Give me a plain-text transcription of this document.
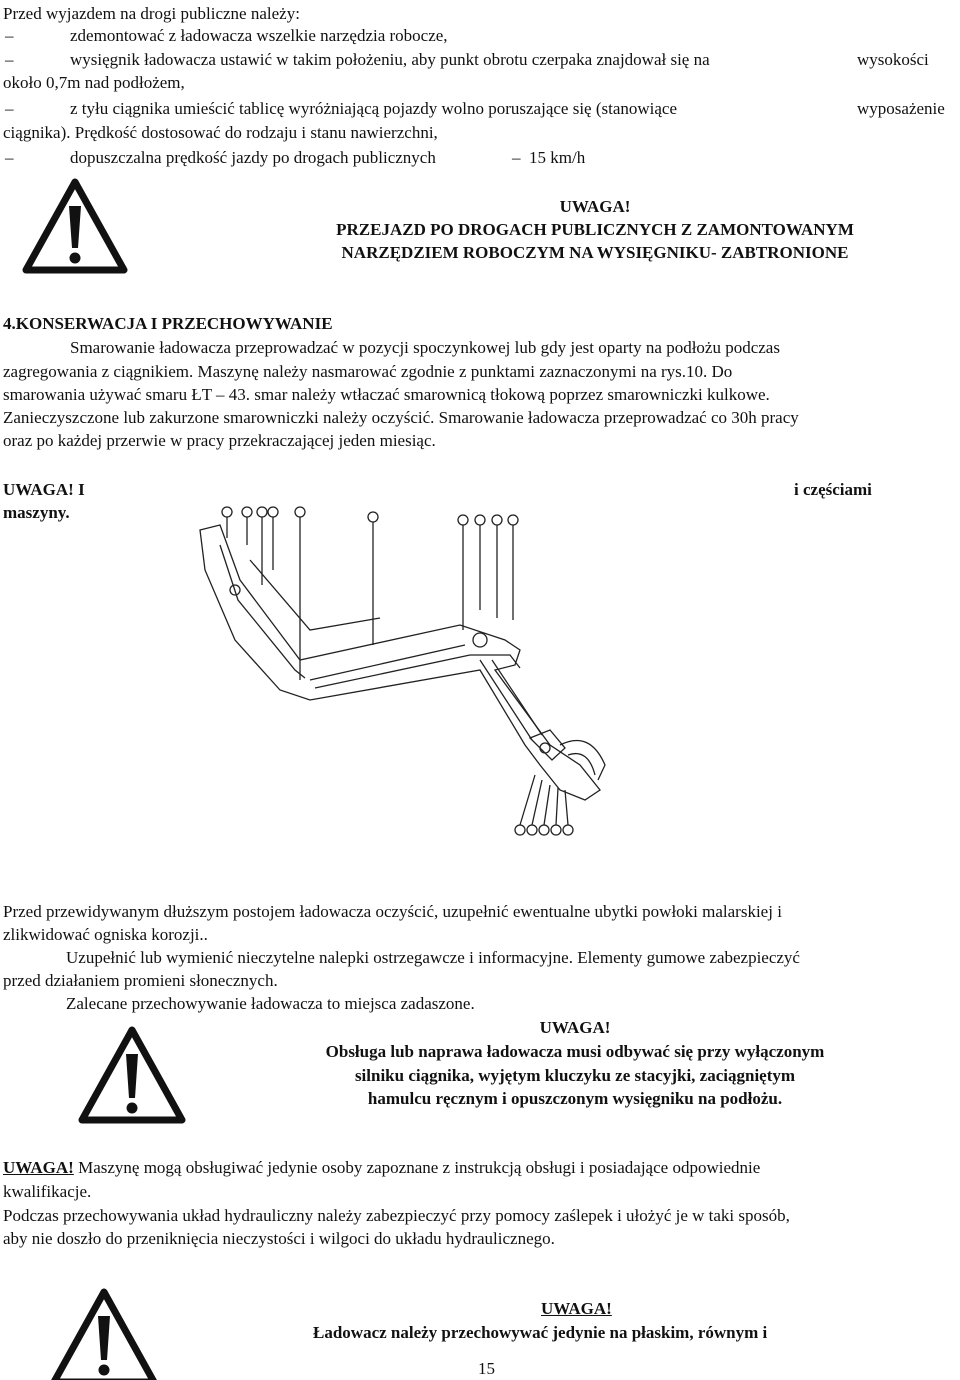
Przed wyjazdem na drogi publiczne należy:
–	zdemontować z ładowacza wszelkie narzędzia robocze,
–	wysięgnik ładowacza ustawić w takim położeniu, aby punkt obrotu czerpaka znajdował się na	wysokości
około 0,7m nad podłożem,
–	z tyłu ciągnika umieścić tablicę wyróżniającą pojazdy wolno poruszające się (stanowiące	wyposażenie
ciągnika). Prędkość dostosować do rodzaju i stanu nawierzchni,
–	dopuszczalna prędkość jazdy po drogach publicznych	– 15 km/h
UWAGA!
PRZEJAZD PO DROGACH PUBLICZNYCH Z ZAMONTOWANYM
NARZĘDZIEM ROBOCZYM NA WYSIĘGNIKU- ZABTRONIONE
4.KONSERWACJA I PRZECHOWYWANIE
Smarowanie ładowacza przeprowadzać w pozycji spoczynkowej lub gdy jest oparty na podłożu podczas
zagregowania z ciągnikiem. Maszynę należy nasmarować zgodnie z punktami zaznaczonymi na rys.10. Do
smarowania używać smaru ŁT – 43. smar należy wtłaczać smarownicą tłokową poprzez smarowniczki kulkowe.
Zanieczyszczone lub zakurzone smarowniczki należy oczyścić. Smarowanie ładowacza przeprowadzać co 30h pracy
oraz po każdej przerwie w pracy przekraczającej jeden miesiąc.
UWAGA! I	i częściami
maszyny.
Przed przewidywanym dłuższym postojem ładowacza oczyścić, uzupełnić ewentualne ubytki powłoki malarskiej i
zlikwidować ogniska korozji..
Uzupełnić lub wymienić nieczytelne nalepki ostrzegawcze i informacyjne. Elementy gumowe zabezpieczyć
przed działaniem promieni słonecznych.
Zalecane przechowywanie ładowacza to miejsca zadaszone.
UWAGA!
Obsługa lub naprawa ładowacza musi odbywać się przy wyłączonym
silniku ciągnika, wyjętym kluczyku ze stacyjki, zaciągniętym
hamulcu ręcznym i opuszczonym wysięgniku na podłożu.
UWAGA! Maszynę mogą obsługiwać jedynie osoby zapoznane z instrukcją obsługi i posiadające odpowiednie
kwalifikacje.
Podczas przechowywania układ hydrauliczny należy zabezpieczyć przy pomocy zaślepek i ułożyć je w taki sposób,
aby nie doszło do przeniknięcia nieczystości i wilgoci do układu hydraulicznego.
UWAGA!
Ładowacz należy przechowywać jedynie na płaskim, równym i
15
